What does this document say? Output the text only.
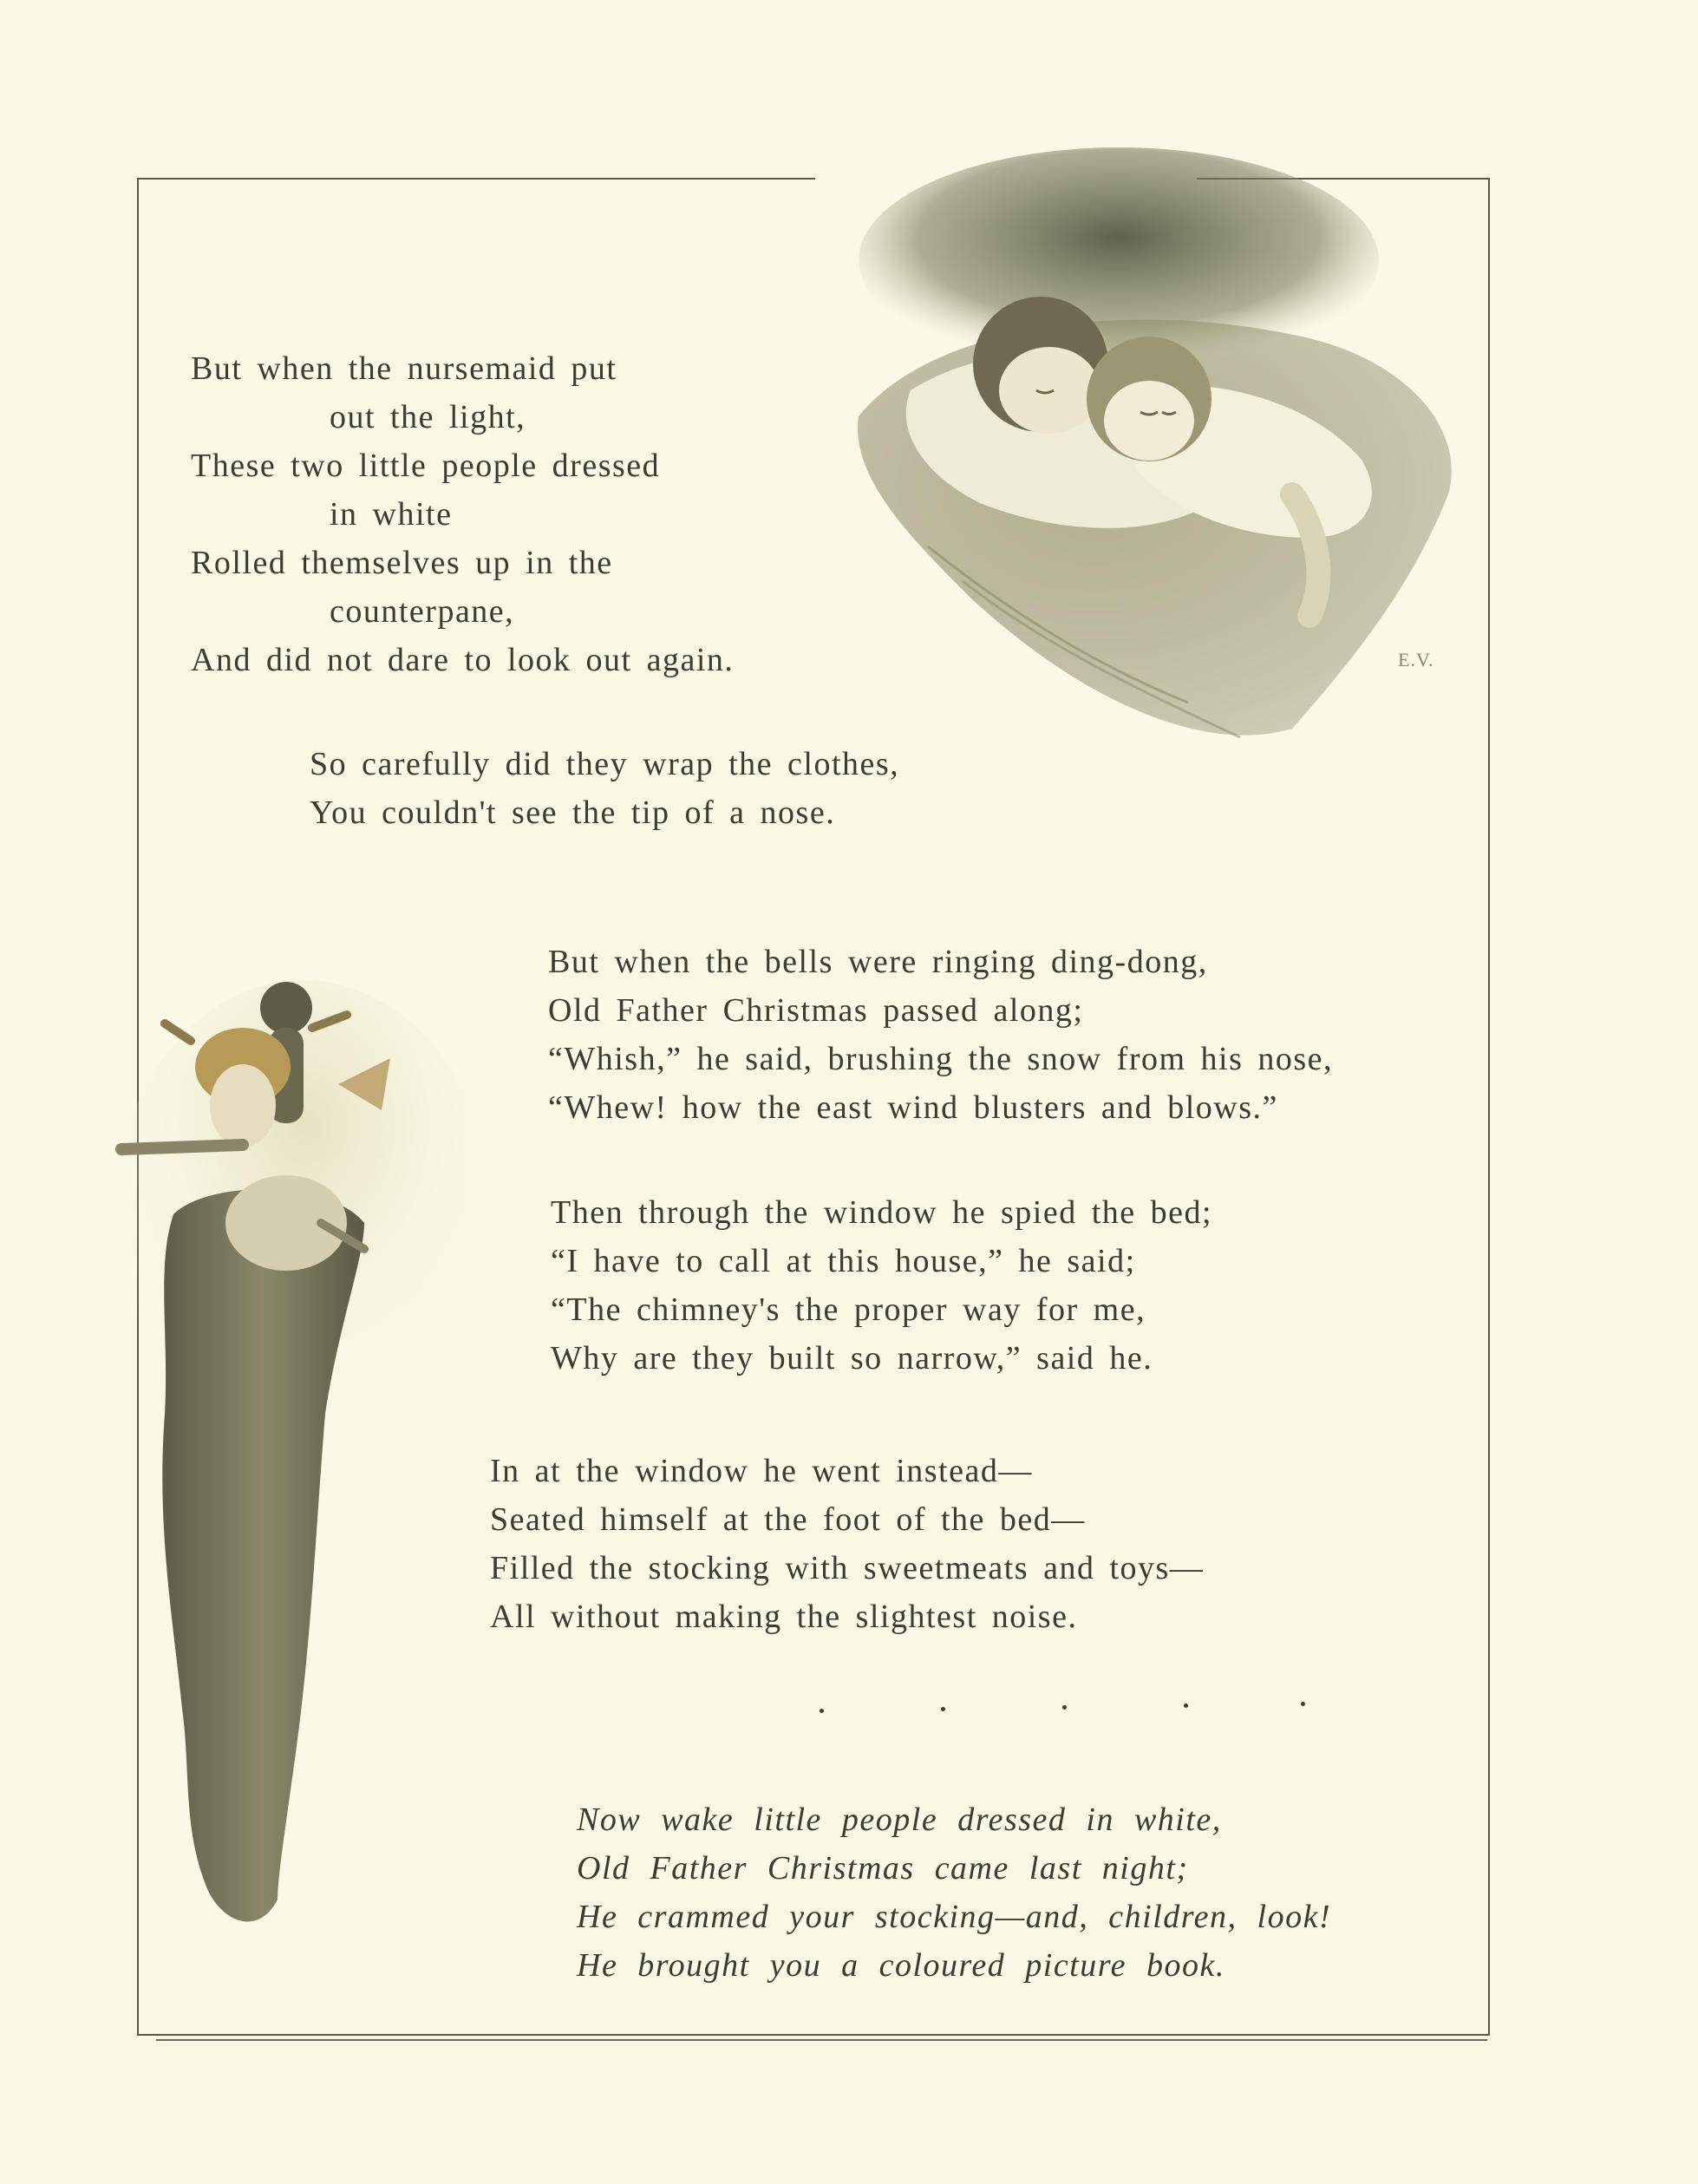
E.V.
But when the nursemaid put
out the light,
These two little people dressed
in white
Rolled themselves up in the
counterpane,
And did not dare to look out again.
So carefully did they wrap the clothes,
You couldn't see the tip of a nose.
But when the bells were ringing ding-dong,
Old Father Christmas passed along;
“Whish,” he said, brushing the snow from his nose,
“Whew! how the east wind blusters and blows.”
Then through the window he spied the bed;
“I have to call at this house,” he said;
“The chimney's the proper way for me,
Why are they built so narrow,” said he.
In at the window he went instead—
Seated himself at the foot of the bed—
Filled the stocking with sweetmeats and toys—
All without making the slightest noise.
Now wake little people dressed in white,
Old Father Christmas came last night;
He crammed your stocking—and, children, look!
He brought you a coloured picture book.
